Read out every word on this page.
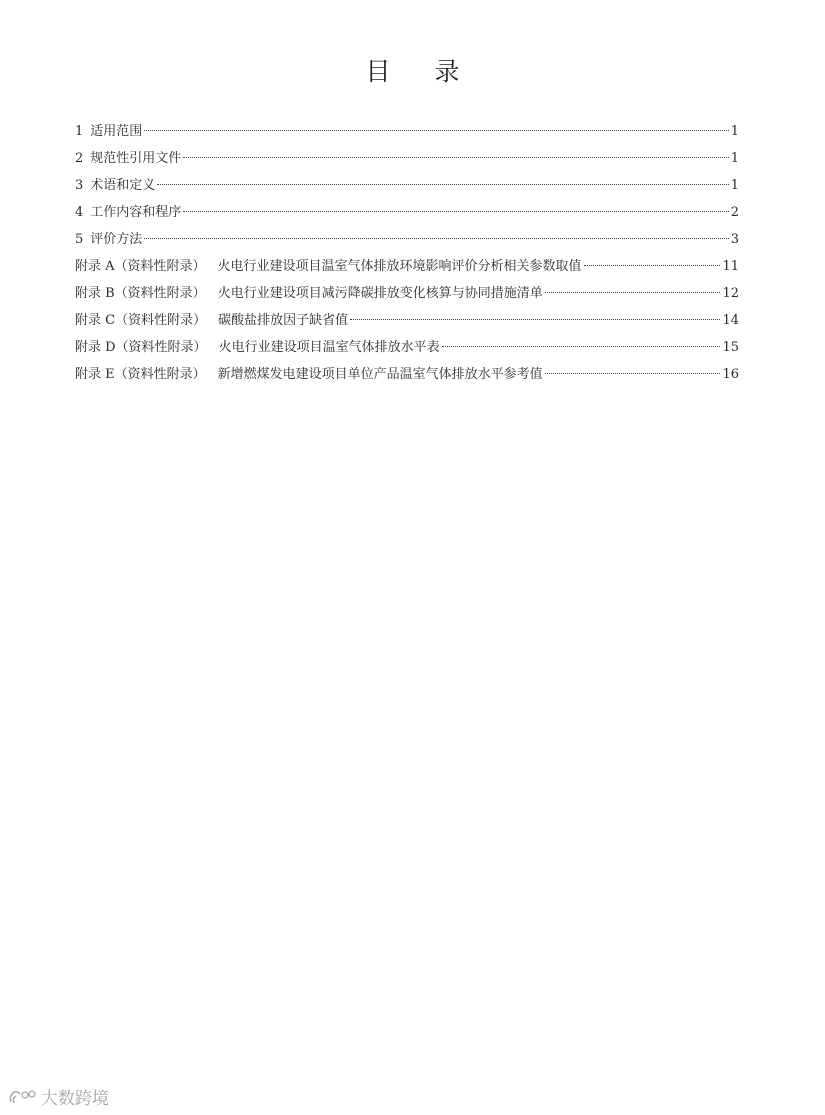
目 录
1 适用范围	1
2 规范性引用文件	1
3 术语和定义	1
4 工作内容和程序	2
5 评价方法	3
附录 A（资料性附录） 火电行业建设项目温室气体排放环境影响评价分析相关参数取值	11
附录 B（资料性附录） 火电行业建设项目减污降碳排放变化核算与协同措施清单	12
附录 C（资料性附录） 碳酸盐排放因子缺省值	14
附录 D（资料性附录） 火电行业建设项目温室气体排放水平表	15
附录 E（资料性附录） 新增燃煤发电建设项目单位产品温室气体排放水平参考值	16
大数跨境
